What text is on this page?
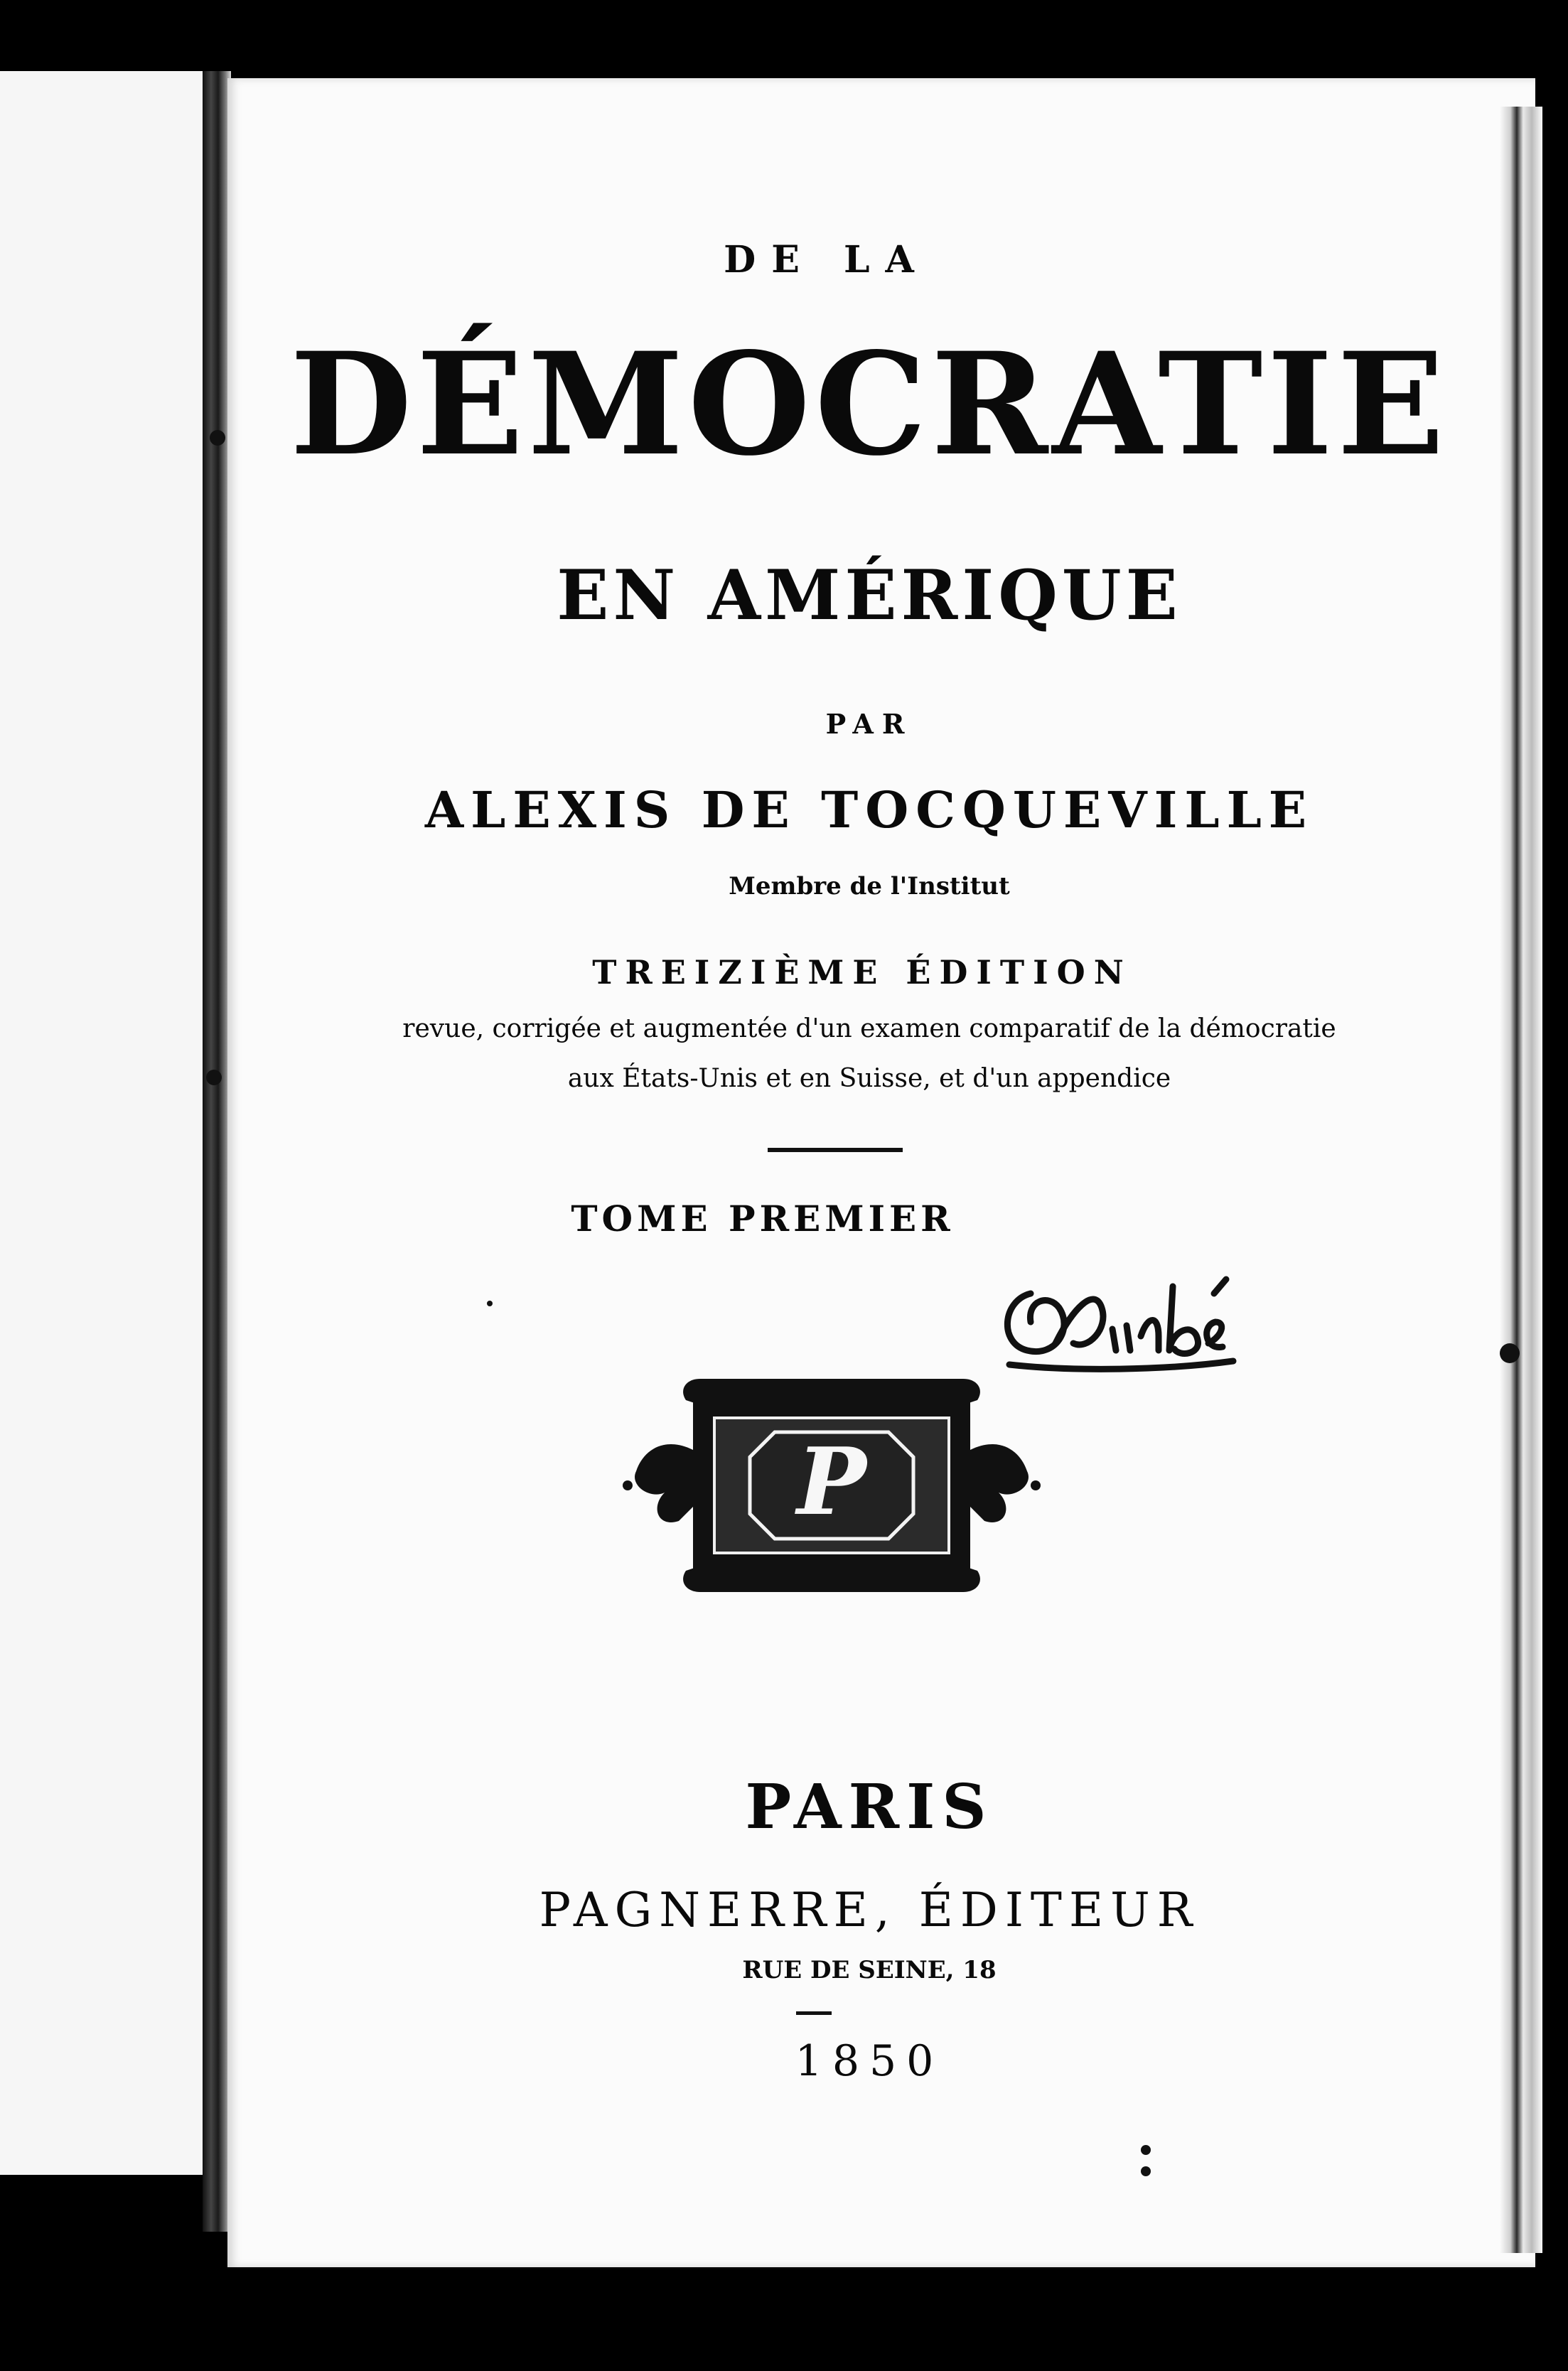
DE LA

DÉMOCRATIE

EN AMÉRIQUE

PAR

ALEXIS DE TOCQUEVILLE

Membre de l'Institut

TREIZIÈME ÉDITION

revue, corrigée et augmentée d'un examen comparatif de la démocratie

aux États-Unis et en Suisse, et d'un appendice

TOME PREMIER

P

PARIS

PAGNERRE, ÉDITEUR

RUE DE SEINE, 18

1850
